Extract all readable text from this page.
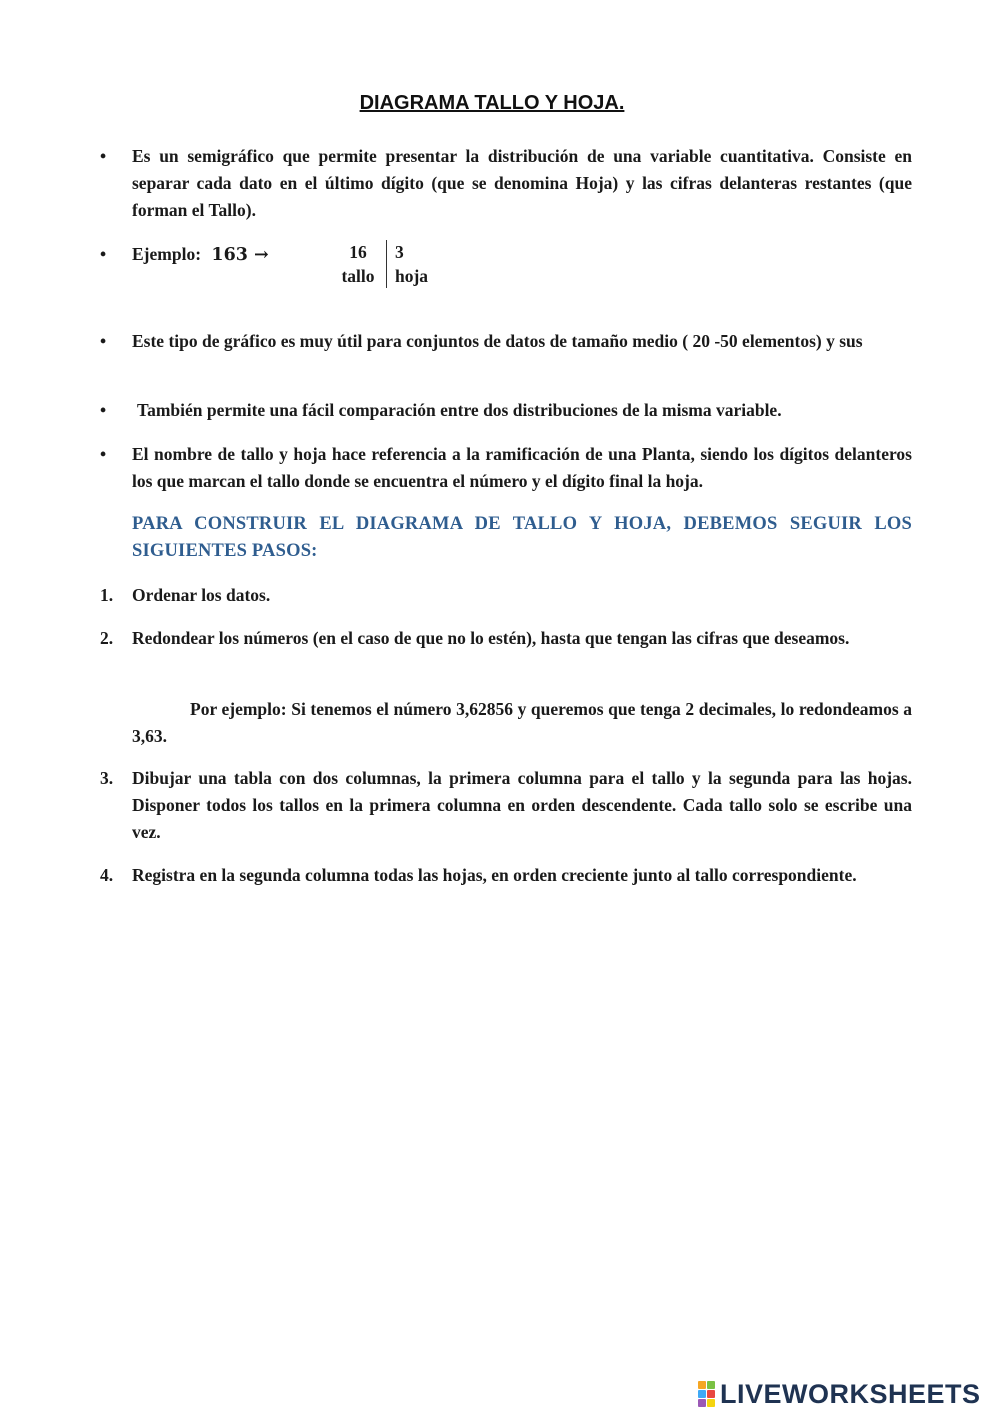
DIAGRAMA TALLO Y HOJA.
• Es un semigráfico que permite presentar la distribución de una variable cuantitativa. Consiste en separar cada dato en el último dígito (que se denomina Hoja) y las cifras delanteras restantes (que forman el Tallo).
• Ejemplo: 163 →	16
tallo
3
hoja
• Este tipo de gráfico es muy útil para conjuntos de datos de tamaño medio ( 20 -50 elementos) y sus
• También permite una fácil comparación entre dos distribuciones de la misma variable.
• El nombre de tallo y hoja hace referencia a la ramificación de una Planta, siendo los dígitos delanteros los que marcan el tallo donde se encuentra el número y el dígito final la hoja.
PARA CONSTRUIR EL DIAGRAMA DE TALLO Y HOJA, DEBEMOS SEGUIR LOS SIGUIENTES PASOS:
1. Ordenar los datos.
2. Redondear los números (en el caso de que no lo estén), hasta que tengan las cifras que deseamos.
Por ejemplo: Si tenemos el número 3,62856 y queremos que tenga 2 decimales, lo redondeamos a 3,63.
3. Dibujar una tabla con dos columnas, la primera columna para el tallo y la segunda para las hojas. Disponer todos los tallos en la primera columna en orden descendente. Cada tallo solo se escribe una vez.
4. Registra en la segunda columna todas las hojas, en orden creciente junto al tallo correspondiente.
LIVEWORKSHEETS
